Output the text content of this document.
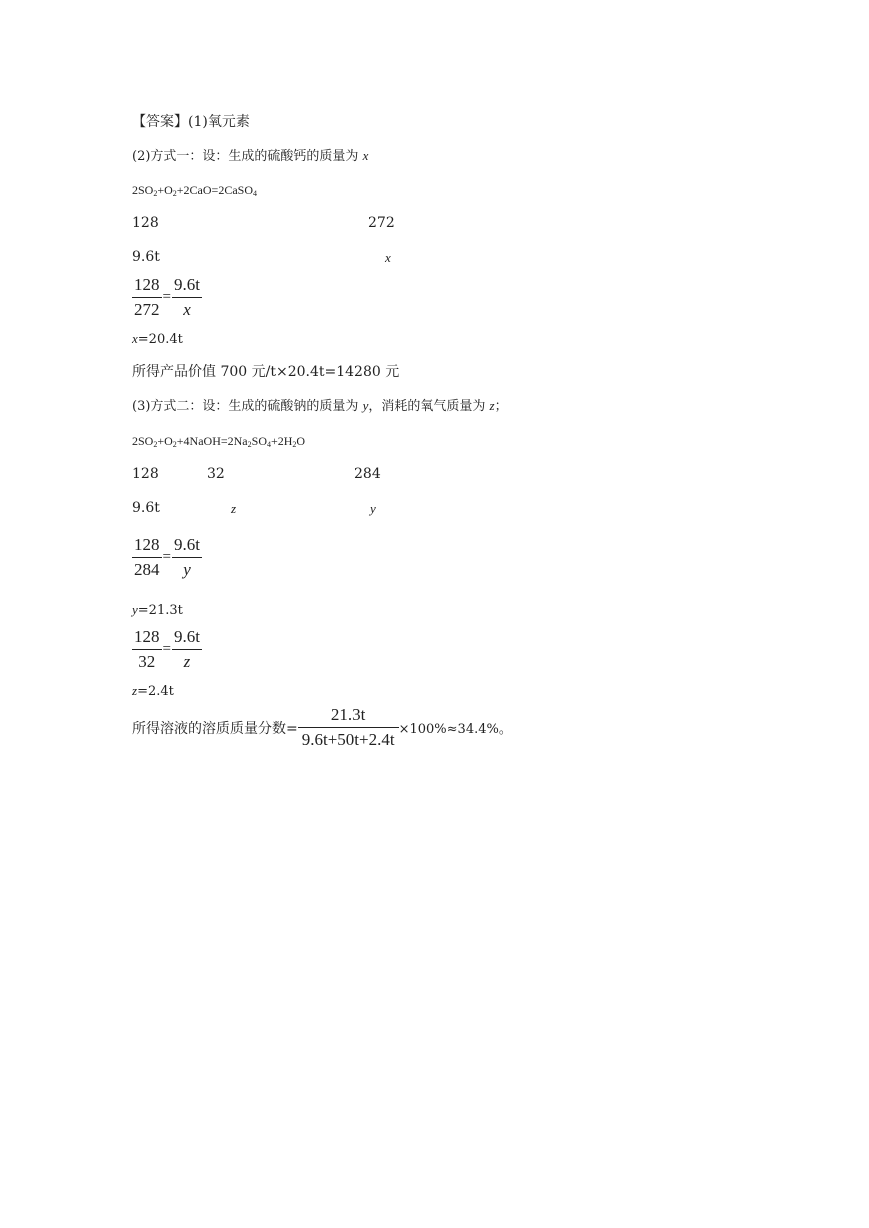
【答案】(1)氧元素
(2)方式一：设：生成的硫酸钙的质量为 x
$2SO_2+O_2+2CaO=2CaSO_4$
128	272
9.6t	x
$\frac{128}{272} = \frac{9.6t}{x}$
x=20.4t
所得产品价值 700 元/t×20.4t=14280 元
(3)方式二：设：生成的硫酸钠的质量为 y，消耗的氧气质量为 z；
$2SO_2+O_2+4NaOH=2Na_2SO_4+2H_2O$
128	32	284
9.6t	z	y
$\frac{128}{284} = \frac{9.6t}{y}$
y=21.3t
$\frac{128}{32} = \frac{9.6t}{z}$
z=2.4t
所得溶液的溶质质量分数= $\frac{21.3t}{9.6t+50t+2.4t} \times 100\%\approx 34.4\%$。
